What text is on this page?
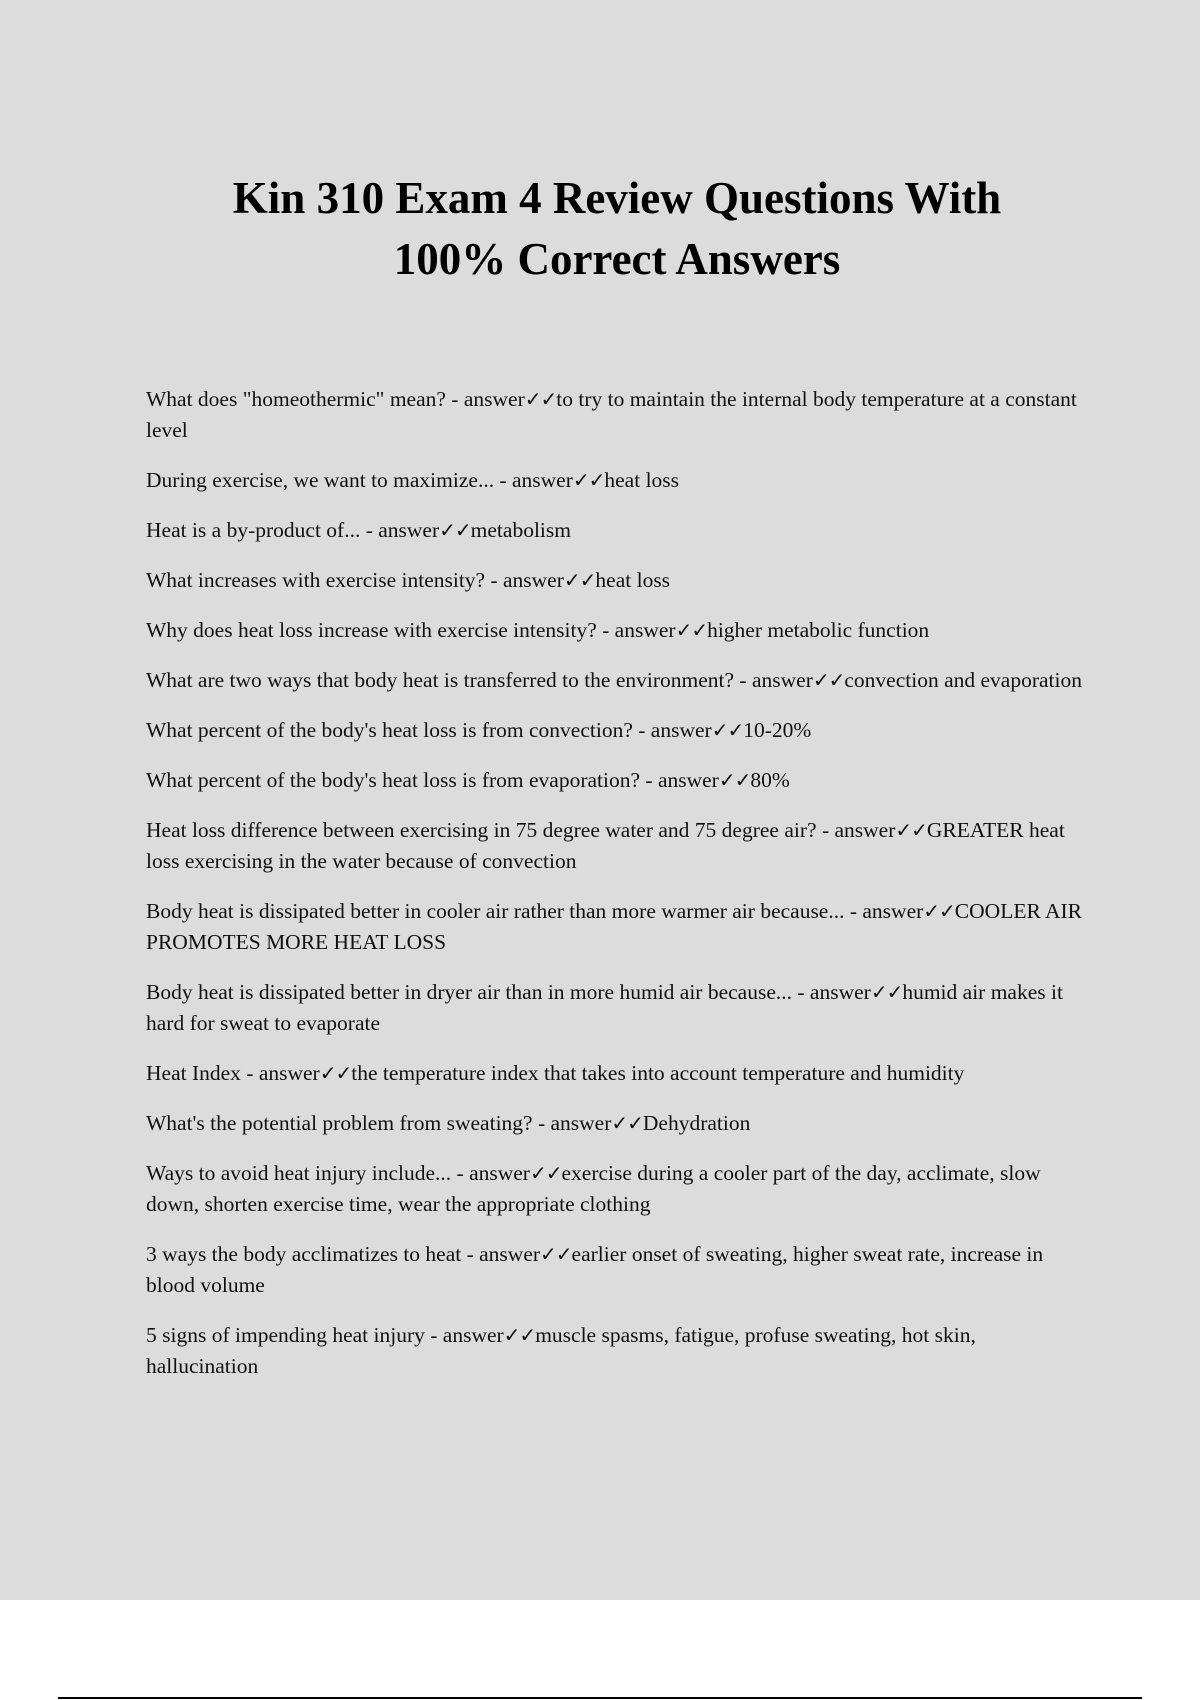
Kin 310 Exam 4 Review Questions With
100% Correct Answers
What does "homeothermic" mean? - answer✓✓to try to maintain the internal body temperature at a constant level
During exercise, we want to maximize... - answer✓✓heat loss
Heat is a by-product of... - answer✓✓metabolism
What increases with exercise intensity? - answer✓✓heat loss
Why does heat loss increase with exercise intensity? - answer✓✓higher metabolic function
What are two ways that body heat is transferred to the environment? - answer✓✓convection and evaporation
What percent of the body's heat loss is from convection? - answer✓✓10-20%
What percent of the body's heat loss is from evaporation? - answer✓✓80%
Heat loss difference between exercising in 75 degree water and 75 degree air? - answer✓✓GREATER heat loss exercising in the water because of convection
Body heat is dissipated better in cooler air rather than more warmer air because... - answer✓✓COOLER AIR PROMOTES MORE HEAT LOSS
Body heat is dissipated better in dryer air than in more humid air because... - answer✓✓humid air makes it hard for sweat to evaporate
Heat Index - answer✓✓the temperature index that takes into account temperature and humidity
What's the potential problem from sweating? - answer✓✓Dehydration
Ways to avoid heat injury include... - answer✓✓exercise during a cooler part of the day, acclimate, slow down, shorten exercise time, wear the appropriate clothing
3 ways the body acclimatizes to heat - answer✓✓earlier onset of sweating, higher sweat rate, increase in blood volume
5 signs of impending heat injury - answer✓✓muscle spasms, fatigue, profuse sweating, hot skin, hallucination
